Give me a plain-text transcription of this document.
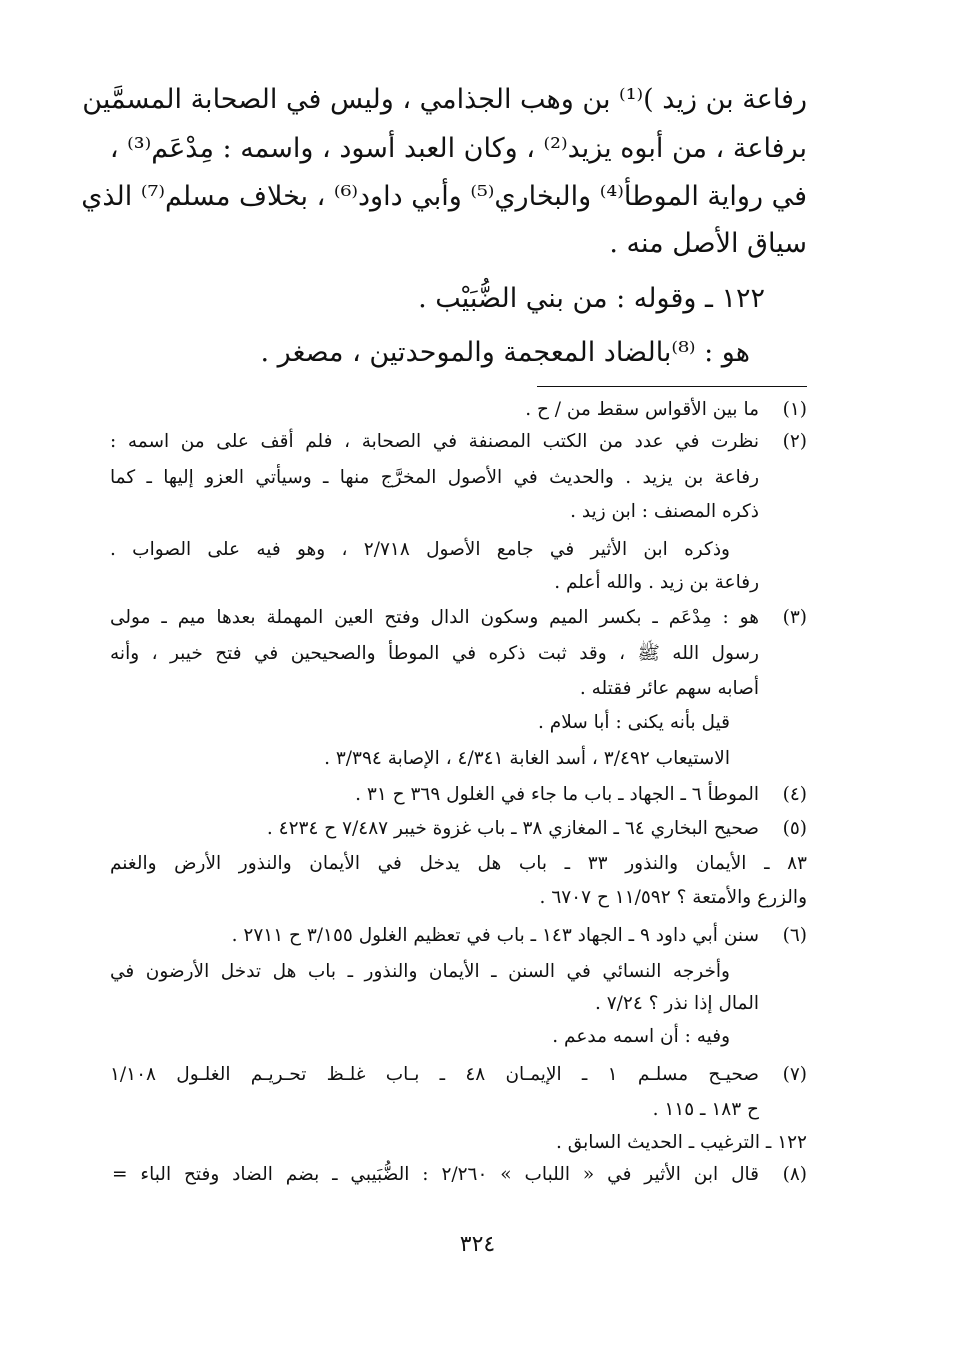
رفاعة بن زيد )⁽¹⁾ بن وهب الجذامي ، وليس في الصحابة المسمَّين
برفاعة ، من أبوه يزيد⁽²⁾ ، وكان العبد أسود ، واسمه : مِدْعَم⁽³⁾ ،
في رواية الموطأ⁽⁴⁾ والبخاري⁽⁵⁾ وأبي داود⁽⁶⁾ ، بخلاف مسلم⁽⁷⁾ الذي
سياق الأصل منه .
١٢٢ ـ وقوله : من بني الضُّبَيْب .
هو : ⁽⁸⁾بالضاد المعجمة والموحدتين ، مصغر .
(١)
ما بين الأقواس سقط من / ح .
(٢)
نظرت في عدد من الكتب المصنفة في الصحابة ، فلم أقف على من اسمه :
رفاعة بن يزيد . والحديث في الأصول المخرَّج منها ـ وسيأتي العزو إليها ـ كما
ذكره المصنف : ابن زيد .
وذكره ابن الأثير في جامع الأصول ٢/٧١٨ ، وهو فيه على الصواب .
رفاعة بن زيد . والله أعلم .
(٣)
هو : مِدْعَم ـ بكسر الميم وسكون الدال وفتح العين المهملة بعدها ميم ـ مولى
رسول الله ﷺ ، وقد ثبت ذكره في الموطأ والصحيحين في فتح خيبر ، وأنه
أصابه سهم عائر فقتله .
قيل بأنه يكنى : أبا سلام .
الاستيعاب ٣/٤٩٢ ، أسد الغابة ٤/٣٤١ ، الإصابة ٣/٣٩٤ .
(٤)
الموطأ ٦ ـ الجهاد ـ باب ما جاء في الغلول ٣٦٩ ح ٣١ .
(٥)
صحيح البخاري ٦٤ ـ المغازي ٣٨ ـ باب غزوة خيبر ٧/٤٨٧ ح ٤٢٣٤ .
٨٣ ـ الأيمان والنذور ٣٣ ـ باب هل يدخل في الأيمان والنذور الأرض والغنم
والزرع والأمتعة ؟ ١١/٥٩٢ ح ٦٧٠٧ .
(٦)
سنن أبي داود ٩ ـ الجهاد ١٤٣ ـ باب في تعظيم الغلول ٣/١٥٥ ح ٢٧١١ .
وأخرجه النسائي في السنن ـ الأيمان والنذور ـ باب هل تدخل الأرضون في
المال إذا نذر ؟ ٧/٢٤ .
وفيه : أن اسمه مدعم .
(٧)
صحيـح مسلـم ١ ـ الإيمـان ٤٨ ـ بـاب غلـظ تحـريـم الغلـول ١/١٠٨
ح ١٨٣ ـ ١١٥ .
١٢٢ ـ الترغيب ـ الحديث السابق .
(٨)
قال ابن الأثير في « اللباب » ٢/٢٦٠ : الضُّبَيبي ـ بضم الضاد وفتح الباء =
٣٢٤
